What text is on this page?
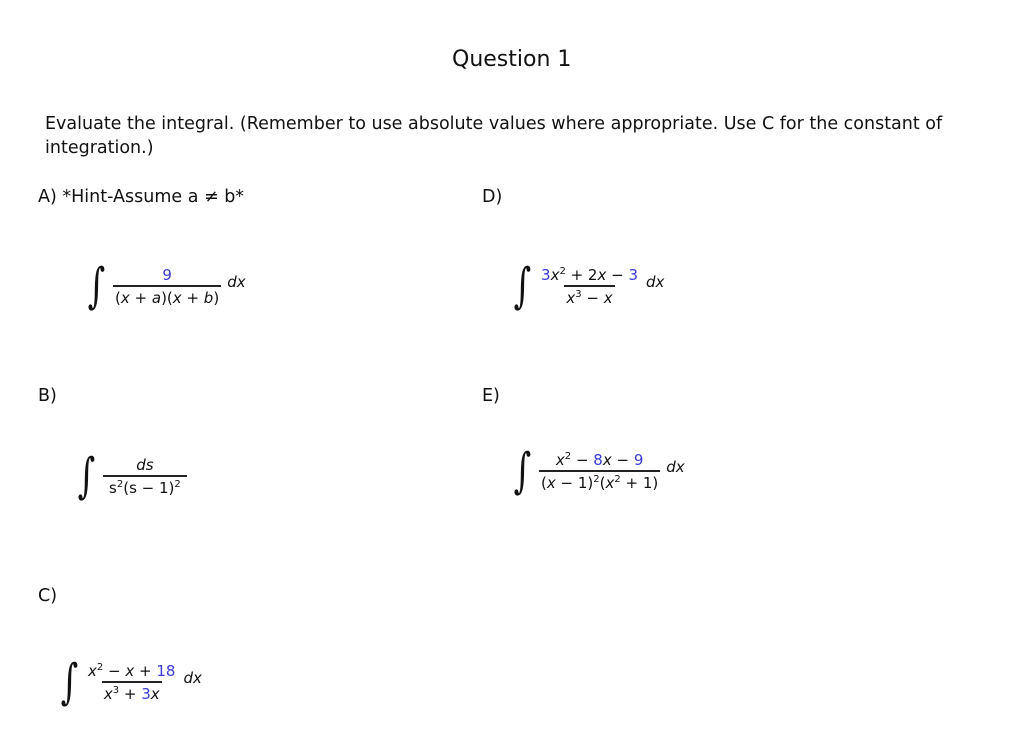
Question 1
Evaluate the integral. (Remember to use absolute values where appropriate. Use C for the constant of integration.)
A) *Hint-Assume a ≠ b*	D)
B)	E)
C)
∫ $\frac{9}{(x + a)(x + b)}$ dx	∫ $\frac{3x^2 + 2x - 3}{x^3 - x}$ dx
∫ $\frac{ds}{s^2(s - 1)^2}$	∫ $\frac{x^2 - 8x - 9}{(x - 1)^2(x^2 + 1)}$ dx
∫ $\frac{x^2 - x + 18}{x^3 + 3x}$ dx
